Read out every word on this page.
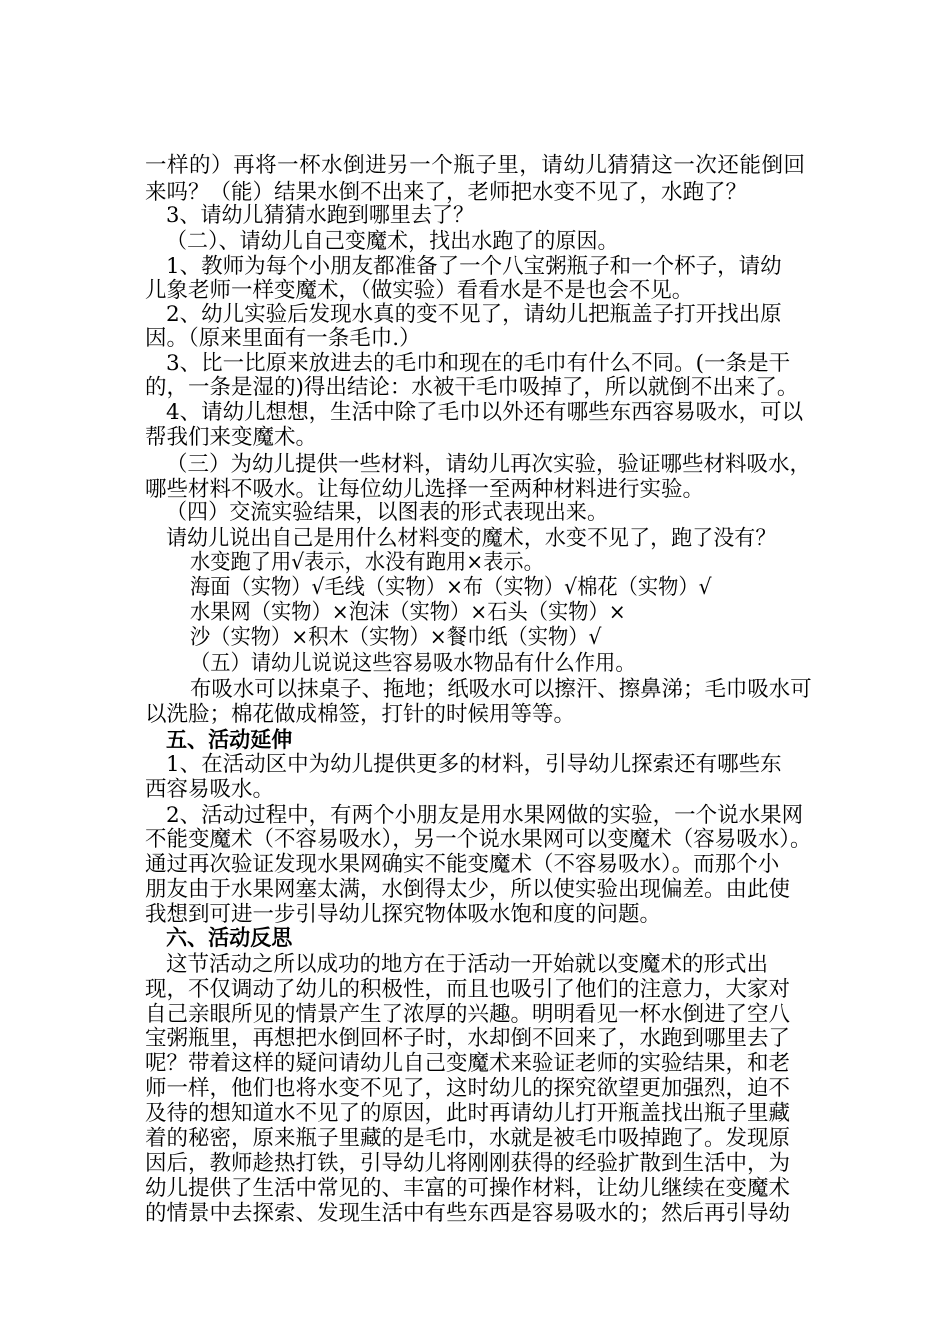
一样的）再将一杯水倒进另一个瓶子里，请幼儿猜猜这一次还能倒回
来吗？（能）结果水倒不出来了，老师把水变不见了，水跑了？
3、请幼儿猜猜水跑到哪里去了？
（二）、请幼儿自己变魔术，找出水跑了的原因。
1、教师为每个小朋友都准备了一个八宝粥瓶子和一个杯子，请幼
儿象老师一样变魔术，（做实验）看看水是不是也会不见。
2、幼儿实验后发现水真的变不见了，请幼儿把瓶盖子打开找出原
因。（原来里面有一条毛巾.）
3、比一比原来放进去的毛巾和现在的毛巾有什么不同。(一条是干
的，一条是湿的)得出结论：水被干毛巾吸掉了，所以就倒不出来了。
4、请幼儿想想，生活中除了毛巾以外还有哪些东西容易吸水，可以
帮我们来变魔术。
（三）为幼儿提供一些材料，请幼儿再次实验，验证哪些材料吸水，
哪些材料不吸水。让每位幼儿选择一至两种材料进行实验。
（四）交流实验结果，以图表的形式表现出来。
请幼儿说出自己是用什么材料变的魔术，水变不见了，跑了没有？
水变跑了用√表示，水没有跑用×表示。
海面（实物）√毛线（实物）×布（实物）√棉花（实物）√
水果网（实物）×泡沫（实物）×石头（实物）×
沙（实物）×积木（实物）×餐巾纸（实物）√
（五）请幼儿说说这些容易吸水物品有什么作用。
布吸水可以抹桌子、拖地；纸吸水可以擦汗、擦鼻涕；毛巾吸水可
以洗脸；棉花做成棉签，打针的时候用等等。
五、活动延伸
1、在活动区中为幼儿提供更多的材料，引导幼儿探索还有哪些东
西容易吸水。
2、活动过程中，有两个小朋友是用水果网做的实验，一个说水果网
不能变魔术（不容易吸水），另一个说水果网可以变魔术（容易吸水）。
通过再次验证发现水果网确实不能变魔术（不容易吸水）。而那个小
朋友由于水果网塞太满，水倒得太少，所以使实验出现偏差。由此使
我想到可进一步引导幼儿探究物体吸水饱和度的问题。
六、活动反思
这节活动之所以成功的地方在于活动一开始就以变魔术的形式出
现，不仅调动了幼儿的积极性，而且也吸引了他们的注意力，大家对
自己亲眼所见的情景产生了浓厚的兴趣。明明看见一杯水倒进了空八
宝粥瓶里，再想把水倒回杯子时，水却倒不回来了，水跑到哪里去了
呢？带着这样的疑问请幼儿自己变魔术来验证老师的实验结果，和老
师一样，他们也将水变不见了，这时幼儿的探究欲望更加强烈，迫不
及待的想知道水不见了的原因，此时再请幼儿打开瓶盖找出瓶子里藏
着的秘密，原来瓶子里藏的是毛巾，水就是被毛巾吸掉跑了。发现原
因后，教师趁热打铁，引导幼儿将刚刚获得的经验扩散到生活中，为
幼儿提供了生活中常见的、丰富的可操作材料，让幼儿继续在变魔术
的情景中去探索、发现生活中有些东西是容易吸水的；然后再引导幼
